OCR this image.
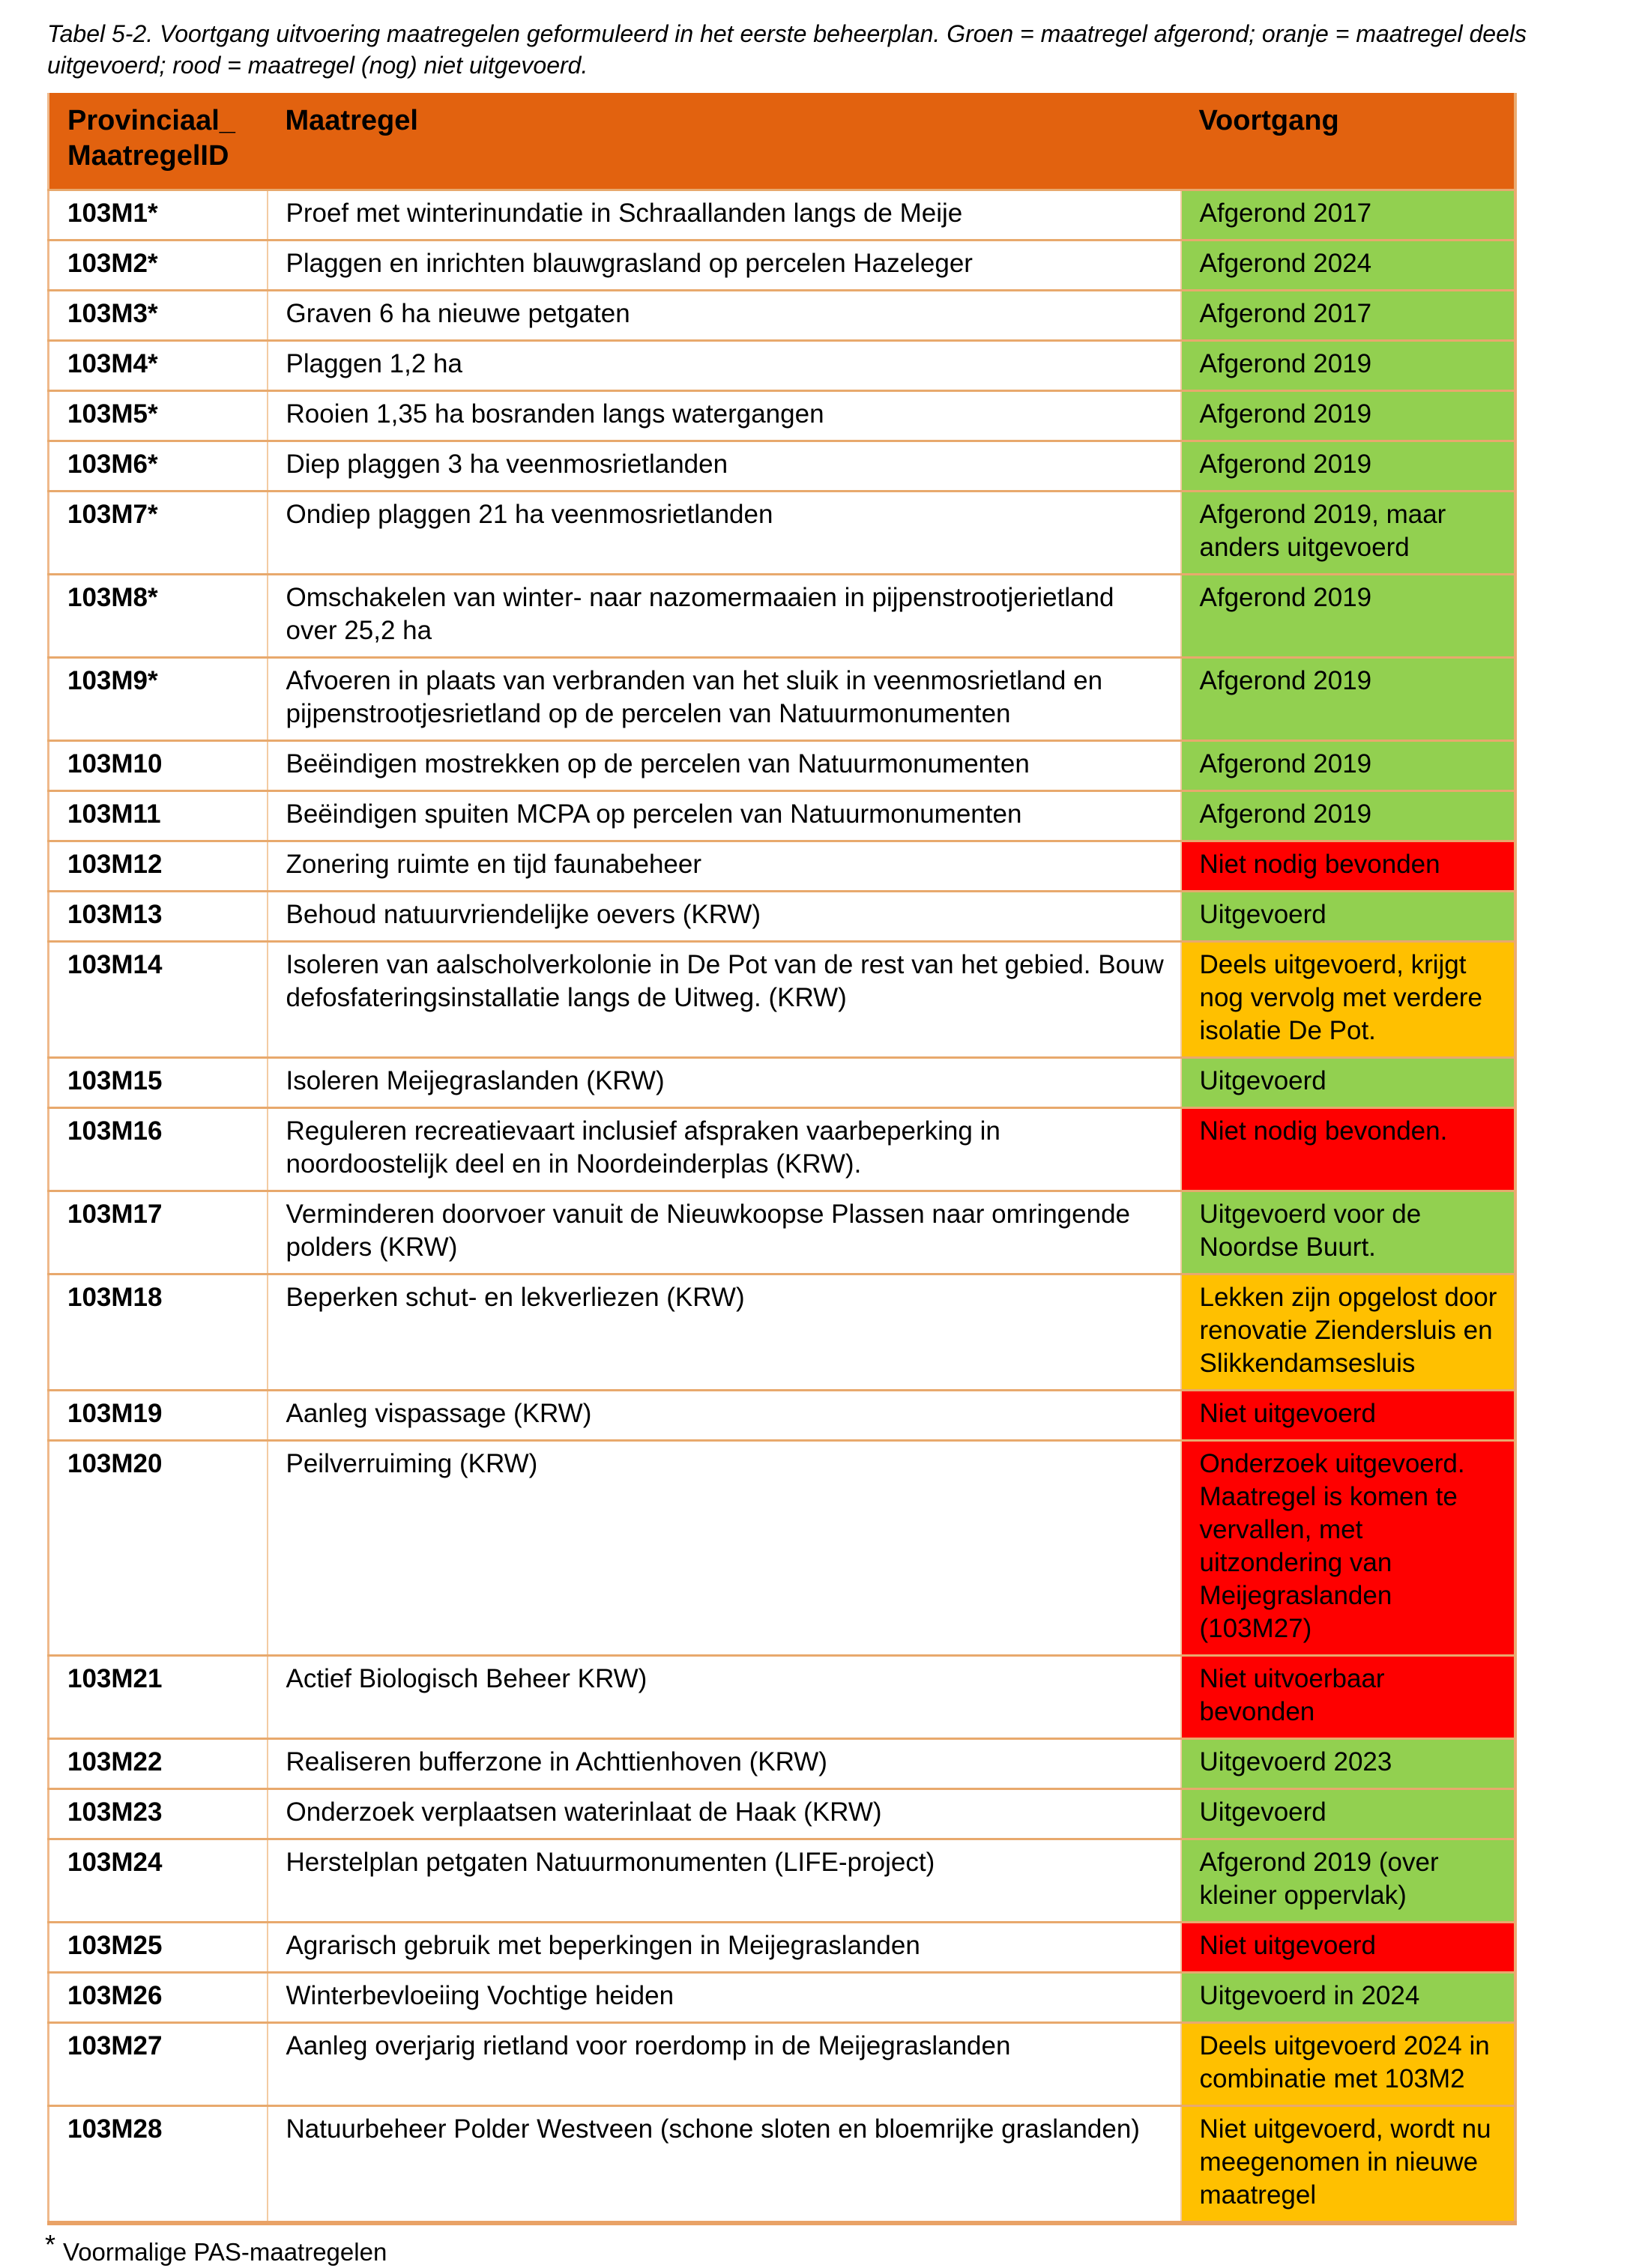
Tabel 5-2. Voortgang uitvoering maatregelen geformuleerd in het eerste beheerplan. Groen = maatregel afgerond; oranje = maatregel deels uitgevoerd; rood = maatregel (nog) niet uitgevoerd.

Provinciaal_
MaatregelID	Maatregel	Voortgang
103M1*	Proef met winterinundatie in Schraallanden langs de Meije	Afgerond 2017
103M2*	Plaggen en inrichten blauwgrasland op percelen Hazeleger	Afgerond 2024
103M3*	Graven 6 ha nieuwe petgaten	Afgerond 2017
103M4*	Plaggen 1,2 ha	Afgerond 2019
103M5*	Rooien 1,35 ha bosranden langs watergangen	Afgerond 2019
103M6*	Diep plaggen 3 ha veenmosrietlanden	Afgerond 2019
103M7*	Ondiep plaggen 21 ha veenmosrietlanden	Afgerond 2019, maar anders uitgevoerd
103M8*	Omschakelen van winter- naar nazomermaaien in pijpenstrootjerietland over 25,2 ha	Afgerond 2019
103M9*	Afvoeren in plaats van verbranden van het sluik in veenmosrietland en pijpenstrootjesrietland op de percelen van Natuurmonumenten	Afgerond 2019
103M10	Beëindigen mostrekken op de percelen van Natuurmonumenten	Afgerond 2019
103M11	Beëindigen spuiten MCPA op percelen van Natuurmonumenten	Afgerond 2019
103M12	Zonering ruimte en tijd faunabeheer	Niet nodig bevonden
103M13	Behoud natuurvriendelijke oevers (KRW)	Uitgevoerd
103M14	Isoleren van aalscholverkolonie in De Pot van de rest van het gebied. Bouw defosfateringsinstallatie langs de Uitweg. (KRW)	Deels uitgevoerd, krijgt nog vervolg met verdere isolatie De Pot.
103M15	Isoleren Meijegraslanden (KRW)	Uitgevoerd
103M16	Reguleren recreatievaart inclusief afspraken vaarbeperking in noordoostelijk deel en in Noordeinderplas (KRW).	Niet nodig bevonden.
103M17	Verminderen doorvoer vanuit de Nieuwkoopse Plassen naar omringende polders (KRW)	Uitgevoerd voor de Noordse Buurt.
103M18	Beperken schut- en lekverliezen (KRW)	Lekken zijn opgelost door renovatie Ziendersluis en Slikkendamsesluis
103M19	Aanleg vispassage (KRW)	Niet uitgevoerd
103M20	Peilverruiming (KRW)	Onderzoek uitgevoerd. Maatregel is komen te vervallen, met uitzondering van Meijegraslanden (103M27)
103M21	Actief Biologisch Beheer KRW)	Niet uitvoerbaar bevonden
103M22	Realiseren bufferzone in Achttienhoven (KRW)	Uitgevoerd 2023
103M23	Onderzoek verplaatsen waterinlaat de Haak (KRW)	Uitgevoerd
103M24	Herstelplan petgaten Natuurmonumenten (LIFE-project)	Afgerond 2019 (over kleiner oppervlak)
103M25	Agrarisch gebruik met beperkingen in Meijegraslanden	Niet uitgevoerd
103M26	Winterbevloeiing Vochtige heiden	Uitgevoerd in 2024
103M27	Aanleg overjarig rietland voor roerdomp in de Meijegraslanden	Deels uitgevoerd 2024 in combinatie met 103M2
103M28	Natuurbeheer Polder Westveen (schone sloten en bloemrijke graslanden)	Niet uitgevoerd, wordt nu meegenomen in nieuwe maatregel

* Voormalige PAS-maatregelen
